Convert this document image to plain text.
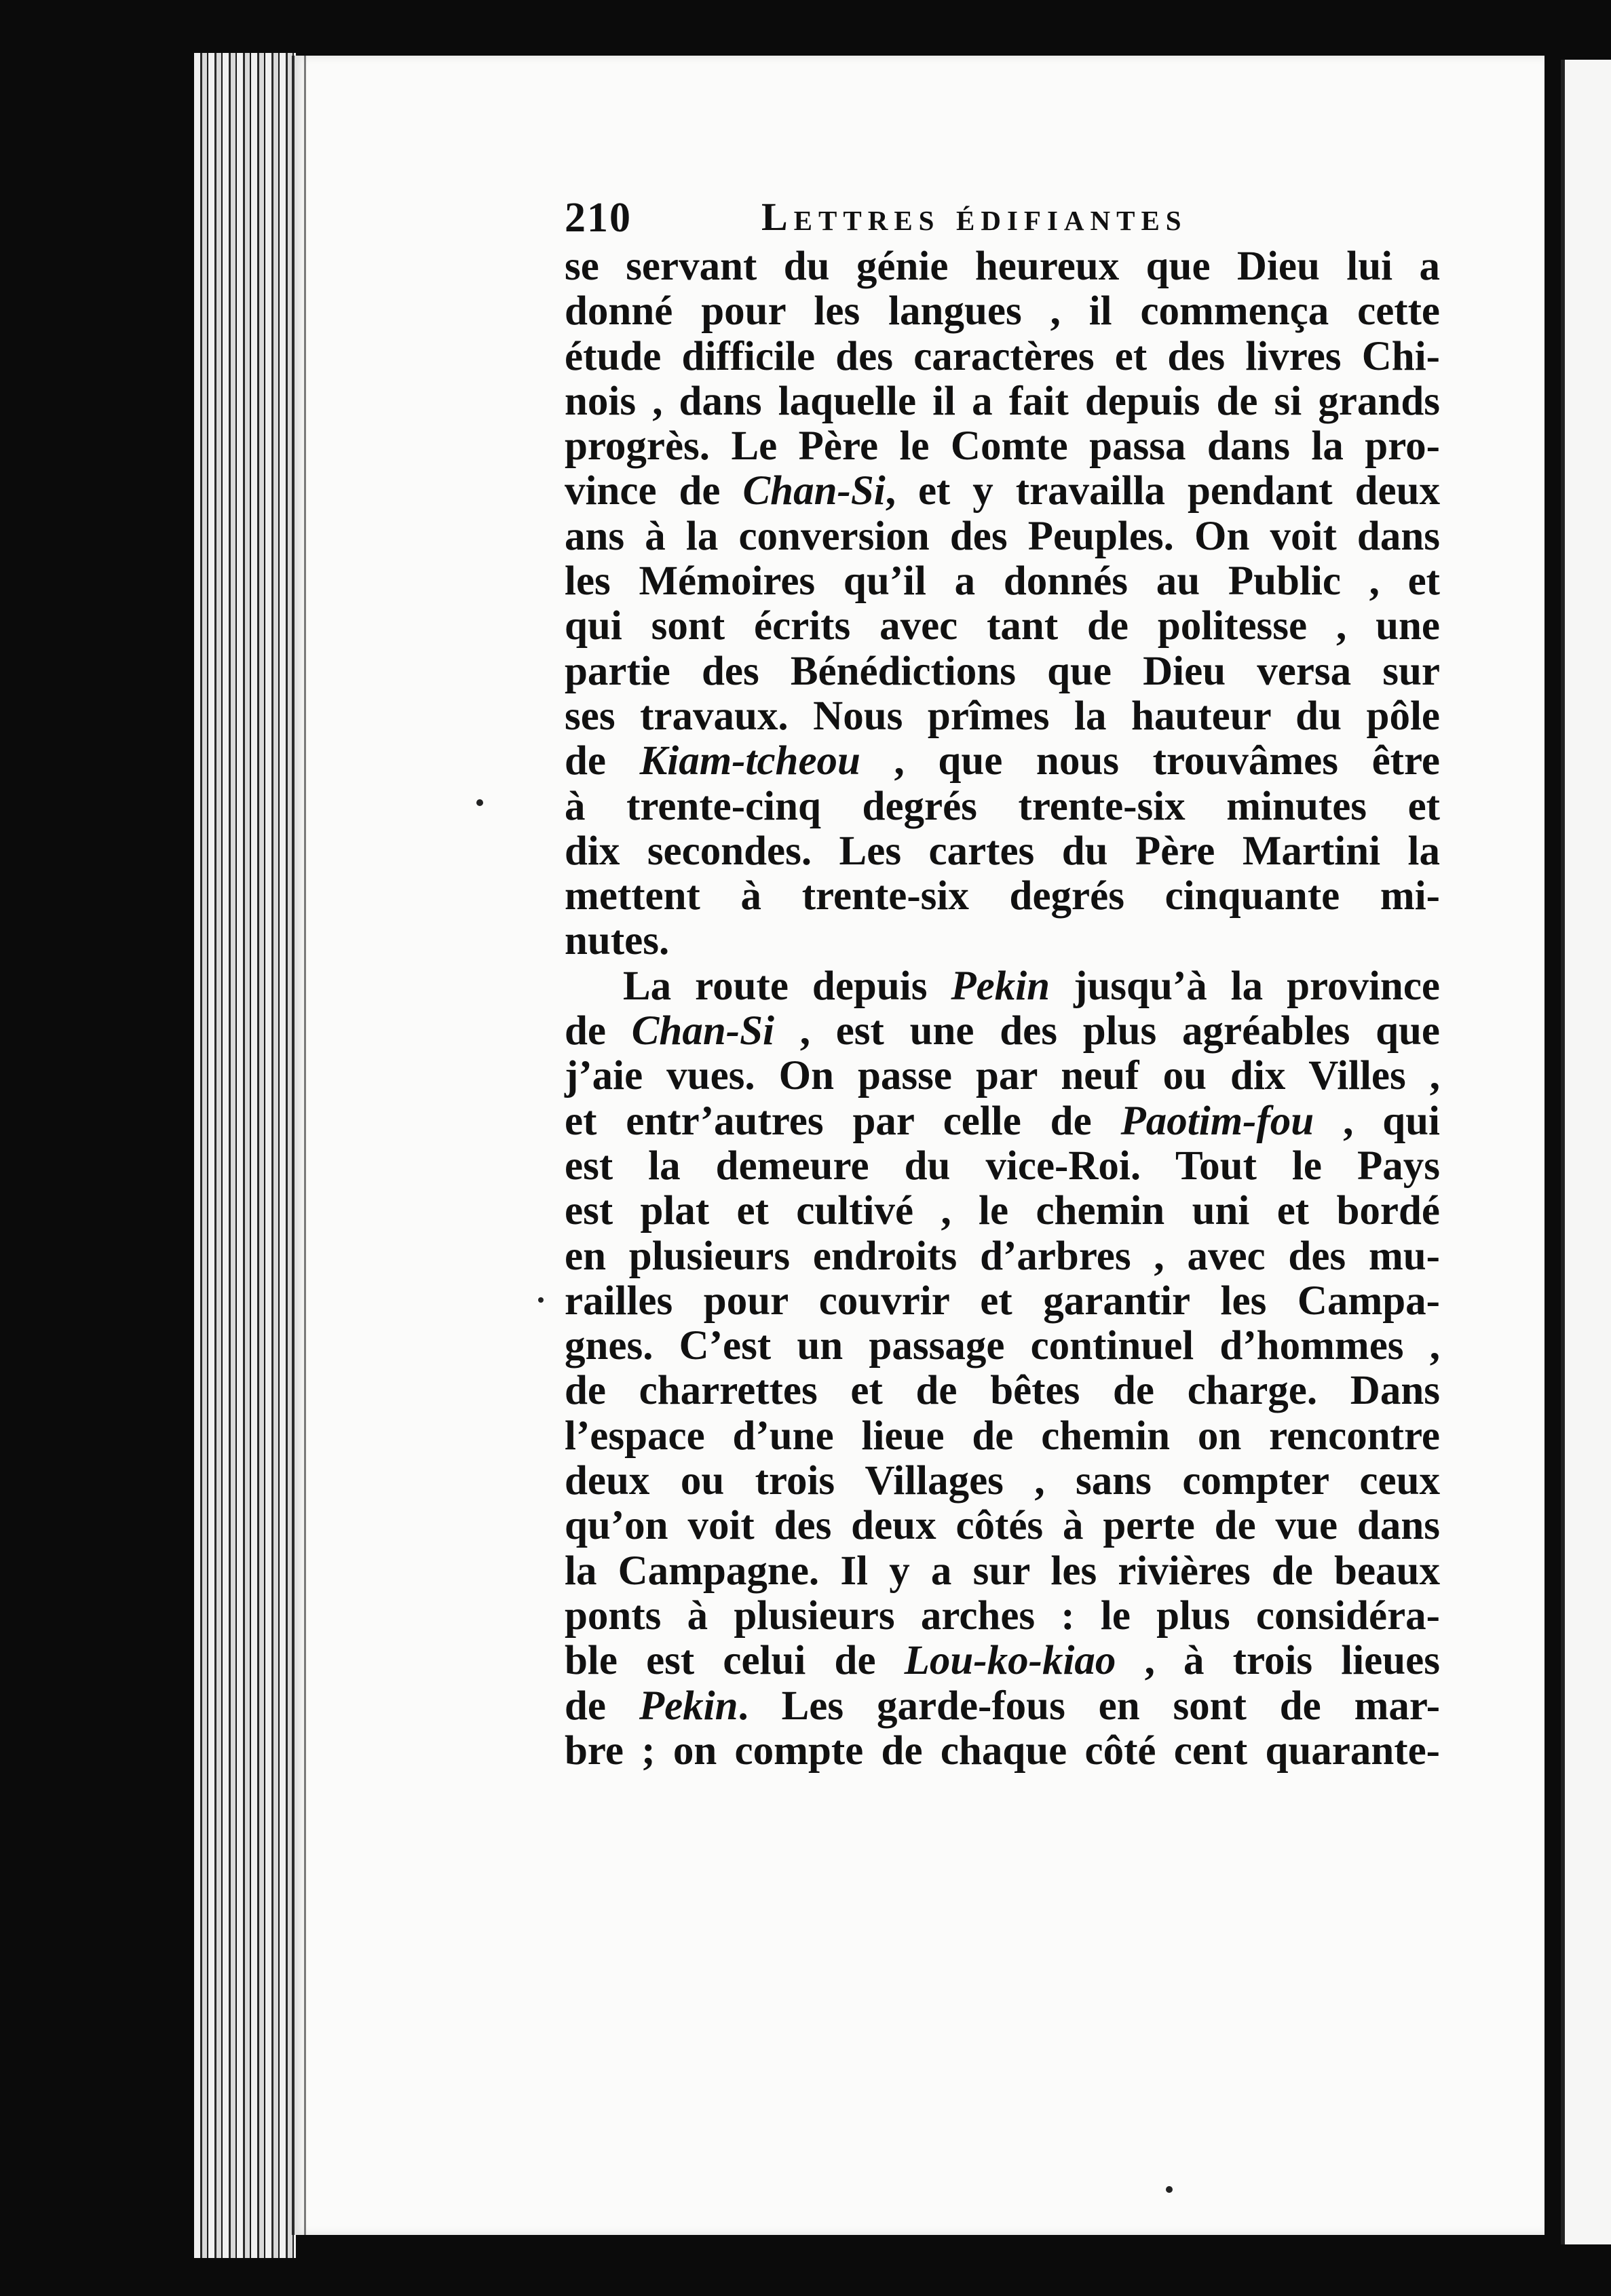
210	Lettres édifiantes
se servant du génie heureux que Dieu lui a
donné pour les langues , il commença cette
étude difficile des caractères et des livres Chi-
nois , dans laquelle il a fait depuis de si grands
progrès. Le Père le Comte passa dans la pro-
vince de Chan-Si, et y travailla pendant deux
ans à la conversion des Peuples. On voit dans
les Mémoires qu’il a donnés au Public , et
qui sont écrits avec tant de politesse , une
partie des Bénédictions que Dieu versa sur
ses travaux. Nous prîmes la hauteur du pôle
de Kiam-tcheou , que nous trouvâmes être
à trente-cinq degrés trente-six minutes et
dix secondes. Les cartes du Père Martini la
mettent à trente-six degrés cinquante mi-
nutes.
La route depuis Pekin jusqu’à la province
de Chan-Si , est une des plus agréables que
j’aie vues. On passe par neuf ou dix Villes ,
et entr’autres par celle de Paotim-fou , qui
est la demeure du vice-Roi. Tout le Pays
est plat et cultivé , le chemin uni et bordé
en plusieurs endroits d’arbres , avec des mu-
railles pour couvrir et garantir les Campa-
gnes. C’est un passage continuel d’hommes ,
de charrettes et de bêtes de charge. Dans
l’espace d’une lieue de chemin on rencontre
deux ou trois Villages , sans compter ceux
qu’on voit des deux côtés à perte de vue dans
la Campagne. Il y a sur les rivières de beaux
ponts à plusieurs arches : le plus considéra-
ble est celui de Lou-ko-kiao , à trois lieues
de Pekin. Les garde-fous en sont de mar-
bre ; on compte de chaque côté cent quarante-
